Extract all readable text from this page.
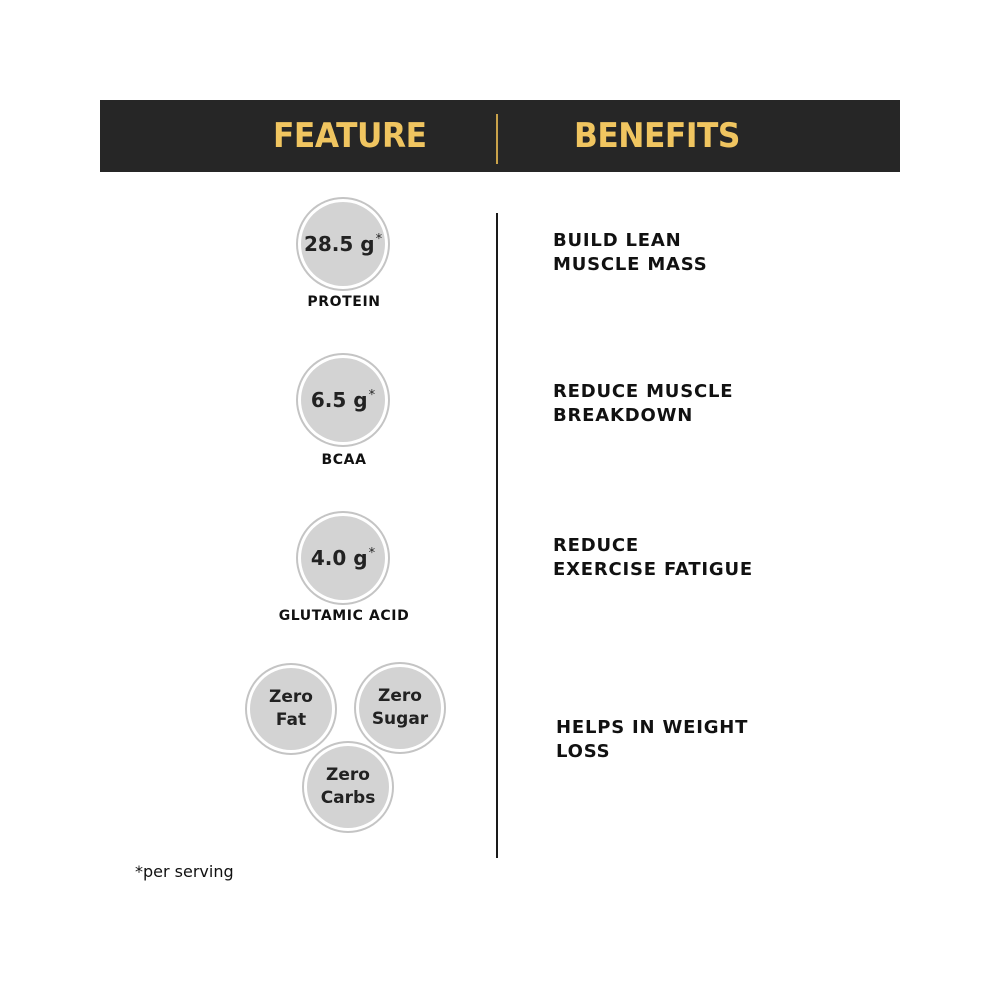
FEATURE	BENEFITS
28.5 g*
PROTEIN
6.5 g*
BCAA
4.0 g*
GLUTAMIC ACID
Zero
Fat
Zero
Sugar
Zero
Carbs
BUILD LEAN
MUSCLE MASS
REDUCE MUSCLE
BREAKDOWN
REDUCE
EXERCISE FATIGUE
HELPS IN WEIGHT
LOSS
*per serving
